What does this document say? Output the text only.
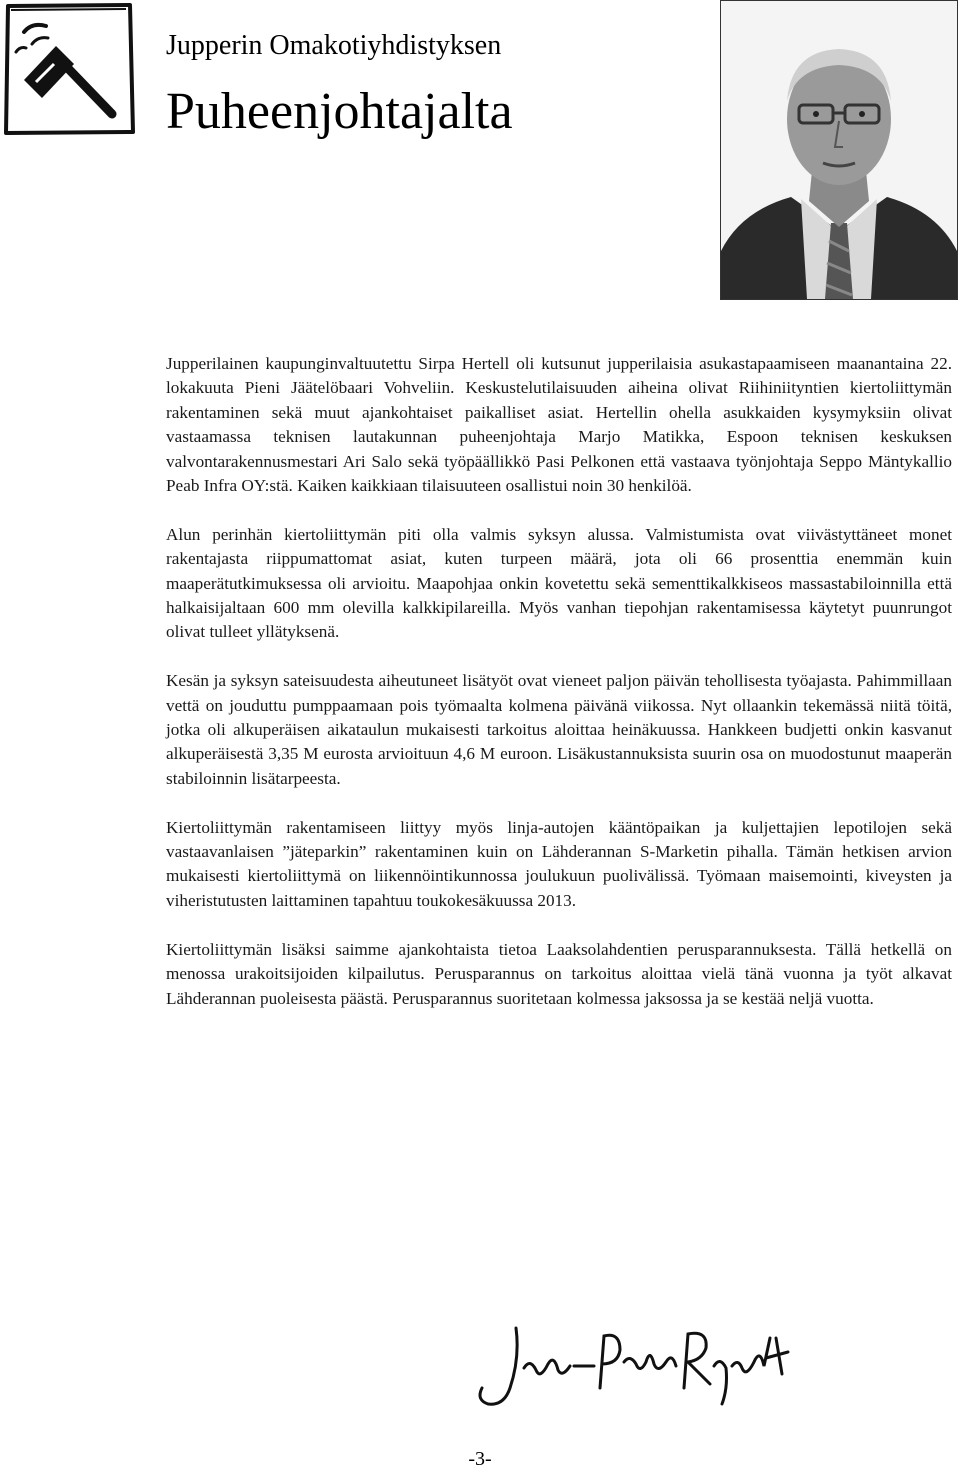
Jupperin Omakotiyhdistyksen
Puheenjohtajalta

Jupperilainen kaupunginvaltuutettu Sirpa Hertell oli kutsunut jupperilaisia asukastapaamiseen maanantaina 22. lokakuuta Pieni Jäätelöbaari Vohveliin. Keskustelutilaisuuden aiheina olivat Riihiniityntien kiertoliittymän rakentaminen sekä muut ajankohtaiset paikalliset asiat. Hertellin ohella asukkaiden kysymyksiin olivat vastaamassa teknisen lautakunnan puheenjohtaja Marjo Matikka, Espoon teknisen keskuksen valvontarakennusmestari Ari Salo sekä työpäällikkö Pasi Pelkonen että vastaava työnjohtaja Seppo Mäntykallio Peab Infra OY:stä. Kaiken kaikkiaan tilaisuuteen osallistui noin 30 henkilöä.

Alun perinhän kiertoliittymän piti olla valmis syksyn alussa. Valmistumista ovat viivästyttäneet monet rakentajasta riippumattomat asiat, kuten turpeen määrä, jota oli 66 prosenttia enemmän kuin maaperätutkimuksessa oli arvioitu. Maapohjaa onkin kovetettu sekä sementtikalkkiseos massastabiloinnilla että halkaisijaltaan 600 mm olevilla kalkkipilareilla. Myös vanhan tiepohjan rakentamisessa käytetyt puunrungot olivat tulleet yllätyksenä.

Kesän ja syksyn sateisuudesta aiheutuneet lisätyöt ovat vieneet paljon päivän tehollisesta työajasta. Pahimmillaan vettä on jouduttu pumppaamaan pois työmaalta kolmena päivänä viikossa. Nyt ollaankin tekemässä niitä töitä, jotka oli alkuperäisen aikataulun mukaisesti tarkoitus aloittaa heinäkuussa. Hankkeen budjetti onkin kasvanut alkuperäisestä 3,35 M eurosta arvioituun 4,6 M euroon. Lisäkustannuksista suurin osa on muodostunut maaperän stabiloinnin lisätarpeesta.

Kiertoliittymän rakentamiseen liittyy myös linja-autojen kääntöpaikan ja kuljettajien lepotilojen sekä vastaavanlaisen ”jäteparkin” rakentaminen kuin on Lähderannan S-Marketin pihalla. Tämän hetkisen arvion mukaisesti kiertoliittymä on liikennöintikunnossa joulukuun puolivälissä. Työmaan maisemointi, kiveysten ja viheristutusten laittaminen tapahtuu toukokesäkuussa 2013.

Kiertoliittymän lisäksi saimme ajankohtaista tietoa Laaksolahdentien perusparannuksesta. Tällä hetkellä on menossa urakoitsijoiden kilpailutus. Perusparannus on tarkoitus aloittaa vielä tänä vuonna ja työt alkavat Lähderannan puoleisesta päästä. Perusparannus suoritetaan kolmessa jaksossa ja se kestää neljä vuotta.

-3-
